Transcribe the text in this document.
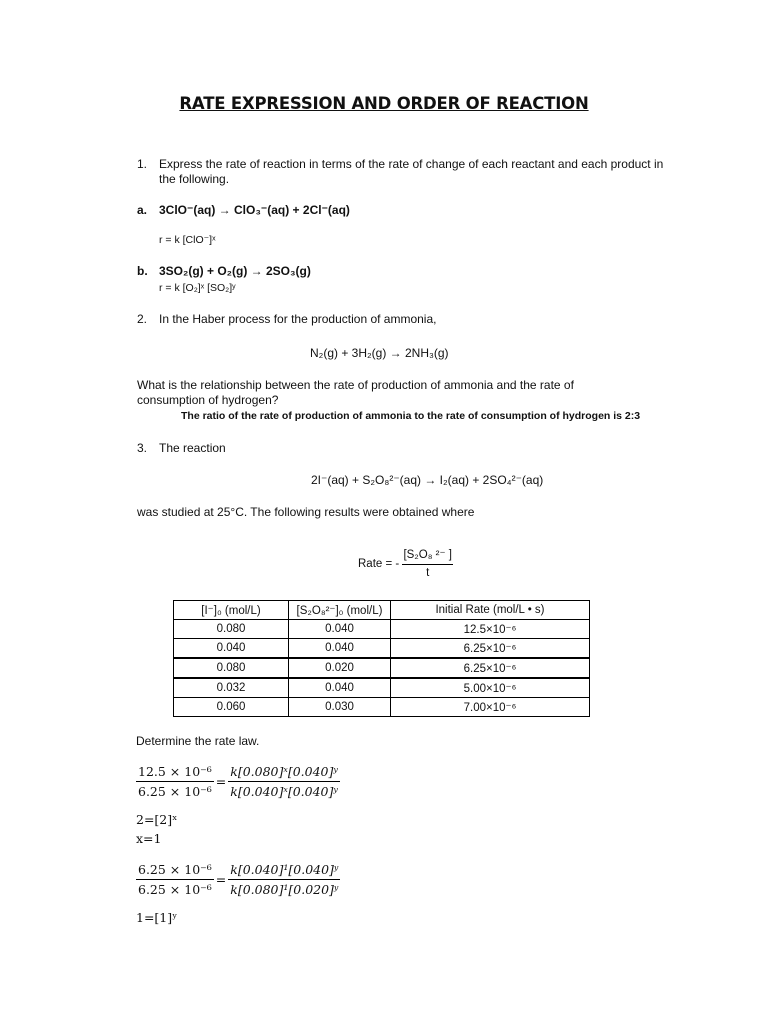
RATE EXPRESSION AND ORDER OF REACTION
1. Express the rate of reaction in terms of the rate of change of each reactant and each product in
the following.
a. 3ClO⁻(aq) → ClO₃⁻(aq) + 2Cl⁻(aq)
r = k [ClO⁻]ˣ
b. 3SO₂(g) + O₂(g) → 2SO₃(g)
r = k [O₂]ˣ [SO₂]ʸ
2. In the Haber process for the production of ammonia,
N₂(g) + 3H₂(g) → 2NH₃(g)
What is the relationship between the rate of production of ammonia and the rate of
consumption of hydrogen?
The ratio of the rate of production of ammonia to the rate of consumption of hydrogen is 2:3
3. The reaction
2I⁻(aq) + S₂O₈²⁻(aq) → I₂(aq) + 2SO₄²⁻(aq)
was studied at 25°C. The following results were obtained where
Rate = - $\frac{\text{[S₂O₈ ²⁻ ]}}{t}$
[I⁻]₀ (mol/L)	[S₂O₈²⁻]₀ (mol/L)	Initial Rate (mol/L • s)
0.080	0.040	12.5×10⁻⁶
0.040	0.040	6.25×10⁻⁶
0.080	0.020	6.25×10⁻⁶
0.032	0.040	5.00×10⁻⁶
0.060	0.030	7.00×10⁻⁶
Determine the rate law.
$\frac{\text{12.5 × 10⁻⁶}}{\text{6.25 × 10⁻⁶}} = \frac{\text{k[0.080]ˣ[0.040]ʸ}}{\text{k[0.040]ˣ[0.040]ʸ}}$
2=[2]ˣ
x=1
$\frac{\text{6.25 × 10⁻⁶}}{\text{6.25 × 10⁻⁶}} = \frac{\text{k[0.040]¹[0.040]ʸ}}{\text{k[0.080]¹[0.020]ʸ}}$
1=[1]ʸ
